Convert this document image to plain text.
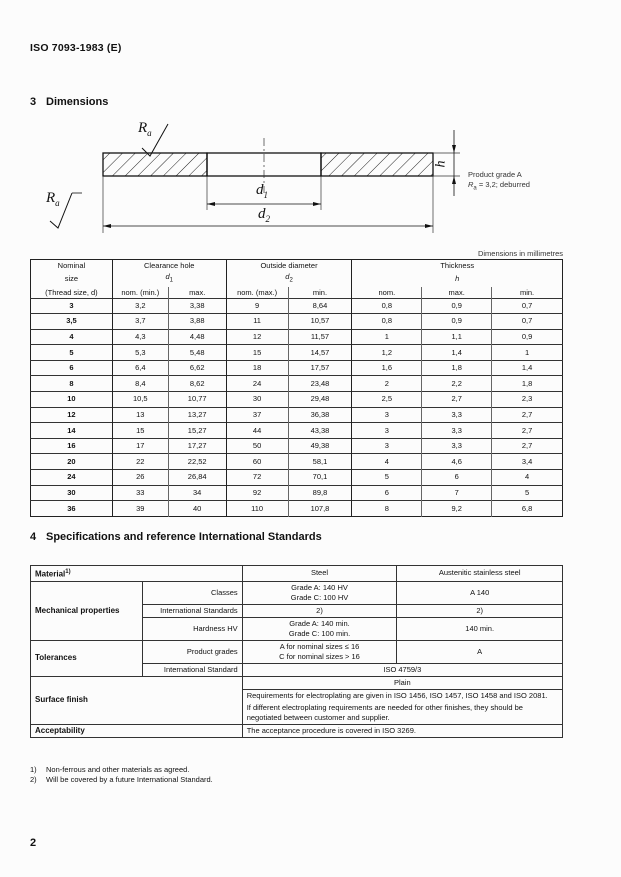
ISO 7093-1983 (E)
3 Dimensions
$R_a$
$R_a$
$d_1$
$d_2$
h
Product grade A
$R_a = 3,2$; deburred
Dimensions in millimetres
Nominal	Clearance hole		Outside diameter		Thickness		
size	$d_1$		$d_2$		h		
(Thread size, d)	nom. (min.)	max.	nom. (max.)	min.	nom.	max.	min.
3	3,2	3,38	9	8,64	0,8	0,9	0,7
3,5	3,7	3,88	11	10,57	0,8	0,9	0,7
4	4,3	4,48	12	11,57	1	1,1	0,9
5	5,3	5,48	15	14,57	1,2	1,4	1
6	6,4	6,62	18	17,57	1,6	1,8	1,4
8	8,4	8,62	24	23,48	2	2,2	1,8
10	10,5	10,77	30	29,48	2,5	2,7	2,3
12	13	13,27	37	36,38	3	3,3	2,7
14	15	15,27	44	43,38	3	3,3	2,7
16	17	17,27	50	49,38	3	3,3	2,7
20	22	22,52	60	58,1	4	4,6	3,4
24	26	26,84	72	70,1	5	6	4
30	33	34	92	89,8	6	7	5
36	39	40	110	107,8	8	9,2	6,8
4 Specifications and reference International Standards
Material$^{1)}$		Steel	Austenitic stainless steel
Mechanical properties	Classes	Grade A: 140 HV
Grade C: 100 HV	A 140
	International Standards	2)	2)
	Hardness HV	Grade A: 140 min.
Grade C: 100 min.	140 min.
Tolerances	Product grades	A for nominal sizes ≤ 16
C for nominal sizes > 16	A
	International Standard	ISO 4759/3	
Surface finish		Plain	
		Requirements for electroplating are given in ISO 1456, ISO 1457, ISO 1458 and ISO 2081.	
		If different electroplating requirements are needed for other finishes, they should be negotiated between customer and supplier.	
Acceptability		The acceptance procedure is covered in ISO 3269.	
1) Non-ferrous and other materials as agreed.
2) Will be covered by a future International Standard.
2
